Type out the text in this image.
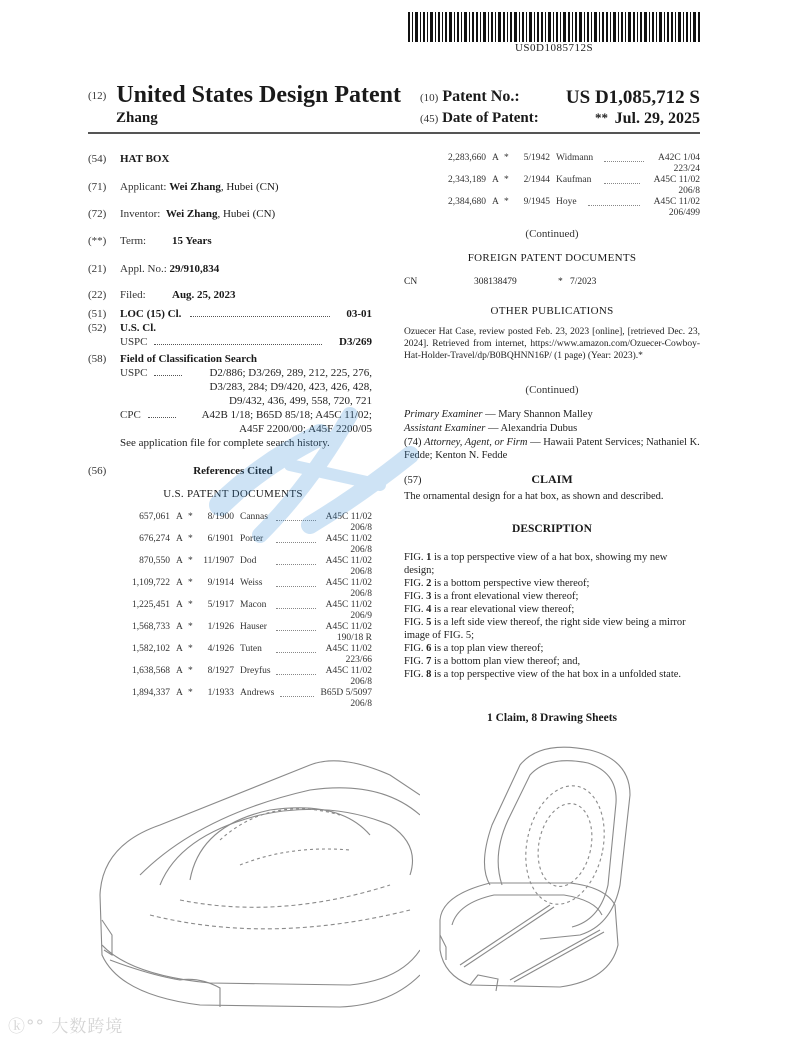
US0D1085712S
(12) United States Design Patent
Zhang
(10) Patent No.: US D1,085,712 S
(45) Date of Patent:	** Jul. 29, 2025
(54) HAT BOX
(71) Applicant: Wei Zhang, Hubei (CN)
(72) Inventor: Wei Zhang, Hubei (CN)
(**) Term: 15 Years
(21) Appl. No.: 29/910,834
(22) Filed: Aug. 25, 2023
(51) LOC (15) Cl.	03-01
(52) U.S. Cl.
USPC	D3/269
(58) Field of Classification Search
USPC	D2/886; D3/269, 289, 212, 225, 276,
D3/283, 284; D9/420, 423, 426, 428,
D9/432, 436, 499, 558, 720, 721
CPC	A42B 1/18; B65D 85/18; A45C 11/02;
A45F 2200/00; A45F 2200/05
See application file for complete search history.
(56)	References Cited
U.S. PATENT DOCUMENTS
657,061 A *	8/1900 Cannas	A45C 11/02
206/8
676,274 A *	6/1901 Porter	A45C 11/02
206/8
870,550 A *	11/1907 Dod	A45C 11/02
206/8
1,109,722 A *	9/1914 Weiss	A45C 11/02
206/8
1,225,451 A *	5/1917 Macon	A45C 11/02
206/9
1,568,733 A *	1/1926 Hauser	A45C 11/02
190/18 R
1,582,102 A *	4/1926 Tuten	A45C 11/02
223/66
1,638,568 A *	8/1927 Dreyfus	A45C 11/02
206/8
1,894,337 A *	1/1933 Andrews	B65D 5/5097
206/8
2,283,660 A *	5/1942 Widmann	A42C 1/04
223/24
2,343,189 A *	2/1944 Kaufman	A45C 11/02
206/8
2,384,680 A *	9/1945 Hoye	A45C 11/02
206/499
(Continued)
FOREIGN PATENT DOCUMENTS
CN	308138479	* 7/2023
OTHER PUBLICATIONS
Ozuecer Hat Case, review posted Feb. 23, 2023 [online], [retrieved Dec. 23, 2024]. Retrieved from internet, https://www.amazon.com/Ozuecer-Cowboy-Hat-Holder-Travel/dp/B0BQHNN16P/ (1 page) (Year: 2023).*
(Continued)
Primary Examiner — Mary Shannon Malley
Assistant Examiner — Alexandria Dubus
(74) Attorney, Agent, or Firm — Hawaii Patent Services; Nathaniel K. Fedde; Kenton N. Fedde
(57)	CLAIM
The ornamental design for a hat box, as shown and described.
DESCRIPTION
FIG. 1 is a top perspective view of a hat box, showing my new design;
FIG. 2 is a bottom perspective view thereof;
FIG. 3 is a front elevational view thereof;
FIG. 4 is a rear elevational view thereof;
FIG. 5 is a left side view thereof, the right side view being a mirror image of FIG. 5;
FIG. 6 is a top plan view thereof;
FIG. 7 is a bottom plan view thereof; and,
FIG. 8 is a top perspective view of the hat box in a unfolded state.
1 Claim, 8 Drawing Sheets
ⓚ°° 大数跨境
